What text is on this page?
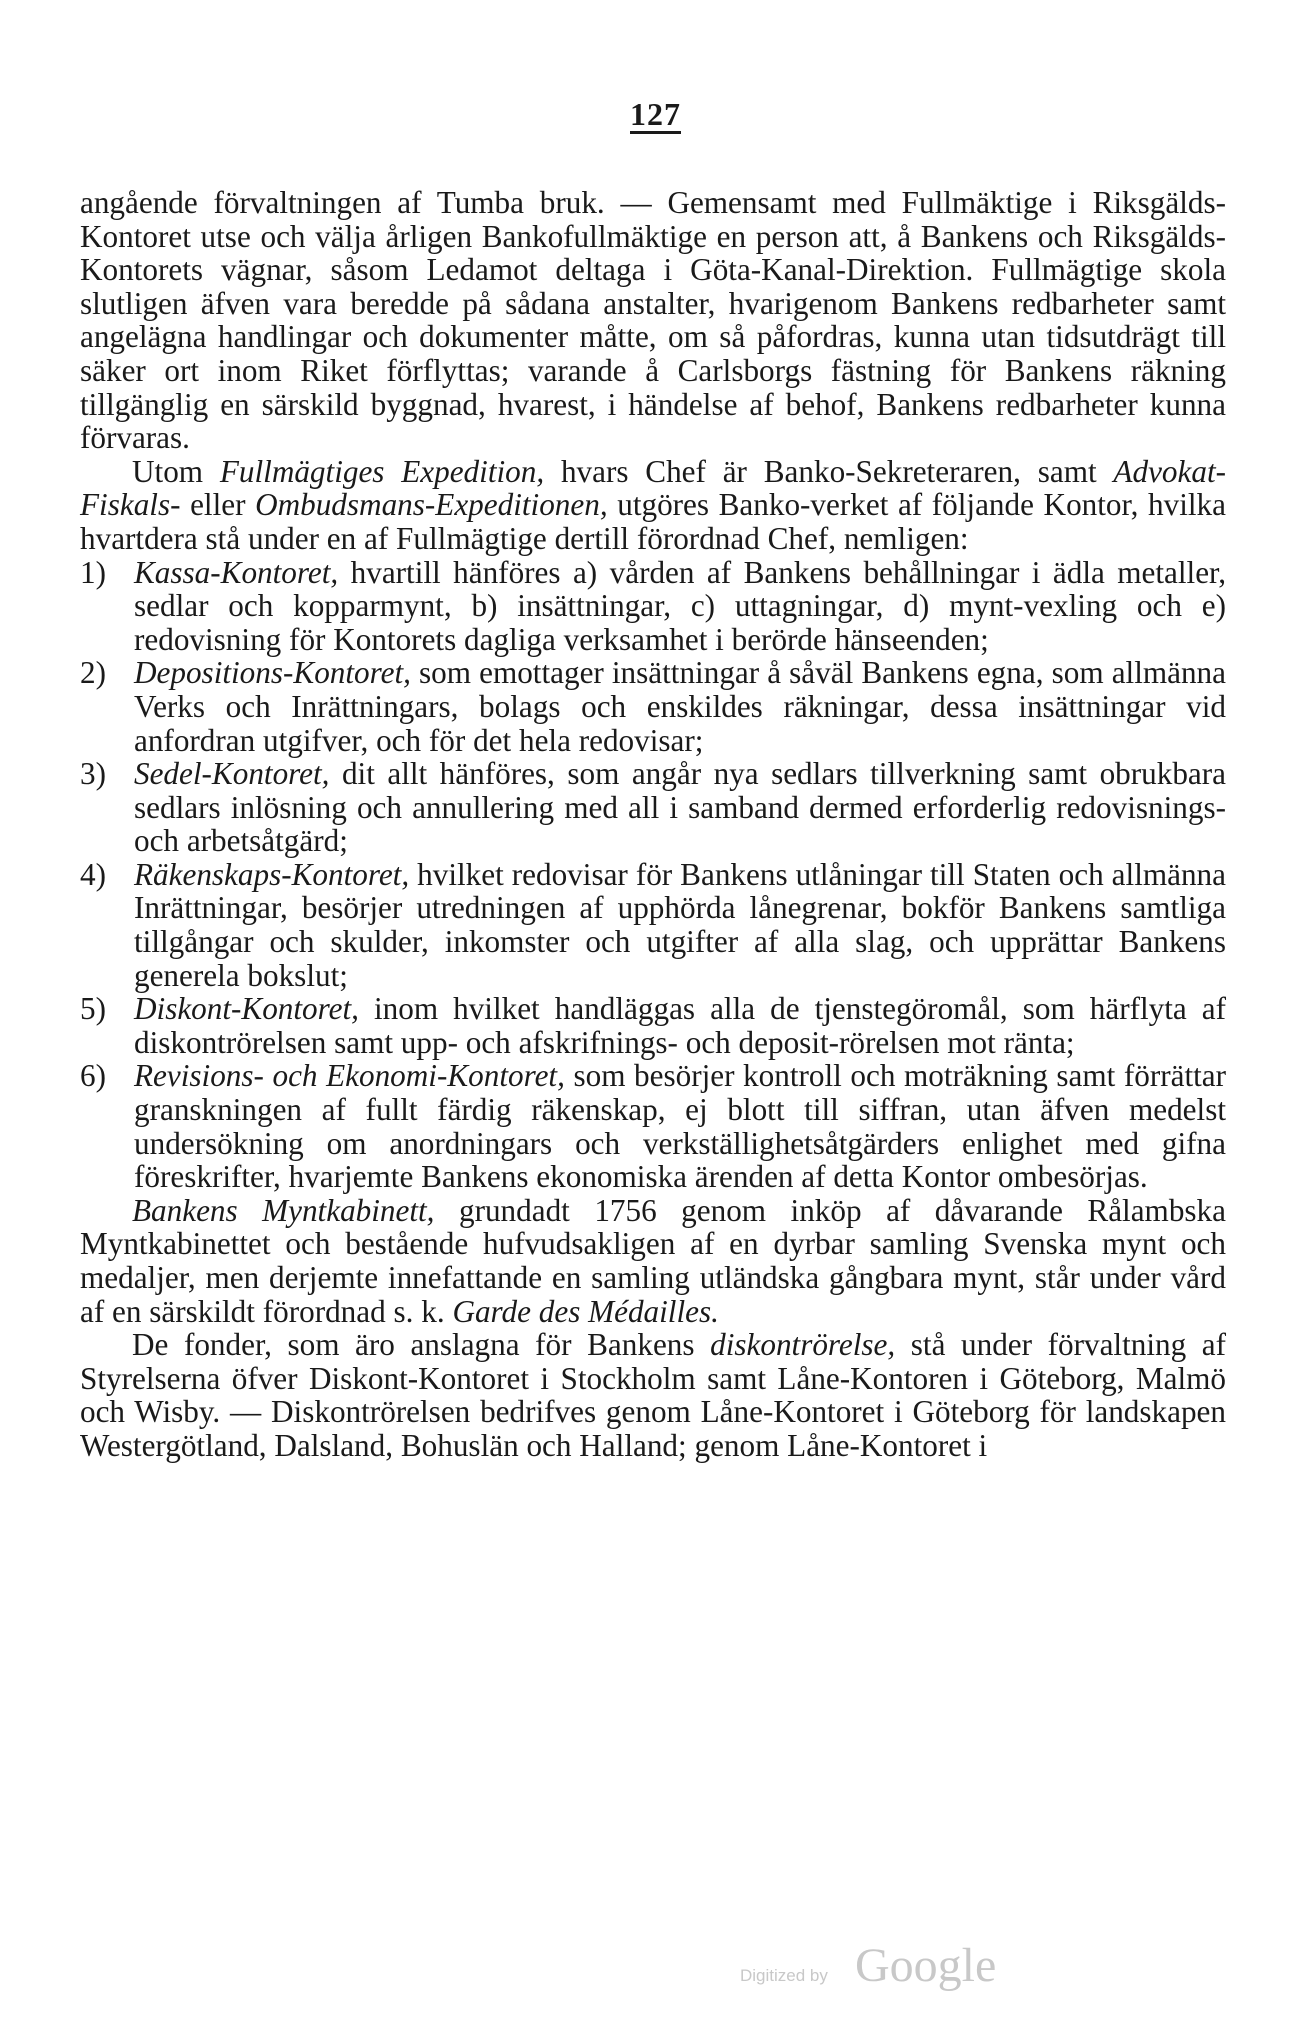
127

angående förvaltningen af Tumba bruk. — Gemensamt med Fullmäktige i Riksgälds-Kontoret utse och välja årligen Bankofullmäktige en person att, å Bankens och Riksgälds-Kontorets vägnar, såsom Ledamot deltaga i Göta-Kanal-Direktion. Fullmägtige skola slutligen äfven vara beredde på sådana anstalter, hvarigenom Bankens redbarheter samt angelägna handlingar och dokumenter måtte, om så påfordras, kunna utan tidsutdrägt till säker ort inom Riket förflyttas; varande å Carlsborgs fästning för Bankens räkning tillgänglig en särskild byggnad, hvarest, i händelse af behof, Bankens redbarheter kunna förvaras.

Utom Fullmägtiges Expedition, hvars Chef är Banko-Sekreteraren, samt Advokat-Fiskals- eller Ombudsmans-Expeditionen, utgöres Banko-verket af följande Kontor, hvilka hvartdera stå under en af Fullmägtige dertill förordnad Chef, nemligen:

1) Kassa-Kontoret, hvartill hänföres a) vården af Bankens behållningar i ädla metaller, sedlar och kopparmynt, b) insättningar, c) uttagningar, d) mynt-vexling och e) redovisning för Kontorets dagliga verksamhet i berörde hänseenden;

2) Depositions-Kontoret, som emottager insättningar å såväl Bankens egna, som allmänna Verks och Inrättningars, bolags och enskildes räkningar, dessa insättningar vid anfordran utgifver, och för det hela redovisar;

3) Sedel-Kontoret, dit allt hänföres, som angår nya sedlars tillverkning samt obrukbara sedlars inlösning och annullering med all i samband dermed erforderlig redovisnings- och arbetsåtgärd;

4) Räkenskaps-Kontoret, hvilket redovisar för Bankens utlåningar till Staten och allmänna Inrättningar, besörjer utredningen af upphörda lånegrenar, bokför Bankens samtliga tillgångar och skulder, inkomster och utgifter af alla slag, och upprättar Bankens generela bokslut;

5) Diskont-Kontoret, inom hvilket handläggas alla de tjenstegöromål, som härflyta af diskontrörelsen samt upp- och afskrifnings- och deposit-rörelsen mot ränta;

6) Revisions- och Ekonomi-Kontoret, som besörjer kontroll och moträkning samt förrättar granskningen af fullt färdig räkenskap, ej blott till siffran, utan äfven medelst undersökning om anordningars och verkställighetsåtgärders enlighet med gifna föreskrifter, hvarjemte Bankens ekonomiska ärenden af detta Kontor ombesörjas.

Bankens Myntkabinett, grundadt 1756 genom inköp af dåvarande Rålambska Myntkabinettet och bestående hufvudsakligen af en dyrbar samling Svenska mynt och medaljer, men derjemte innefattande en samling utländska gångbara mynt, står under vård af en särskildt förordnad s. k. Garde des Médailles.

De fonder, som äro anslagna för Bankens diskontrörelse, stå under förvaltning af Styrelserna öfver Diskont-Kontoret i Stockholm samt Låne-Kontoren i Göteborg, Malmö och Wisby. — Diskontrörelsen bedrifves genom Låne-Kontoret i Göteborg för landskapen Westergötland, Dalsland, Bohuslän och Halland; genom Låne-Kontoret i

Digitized by Google
